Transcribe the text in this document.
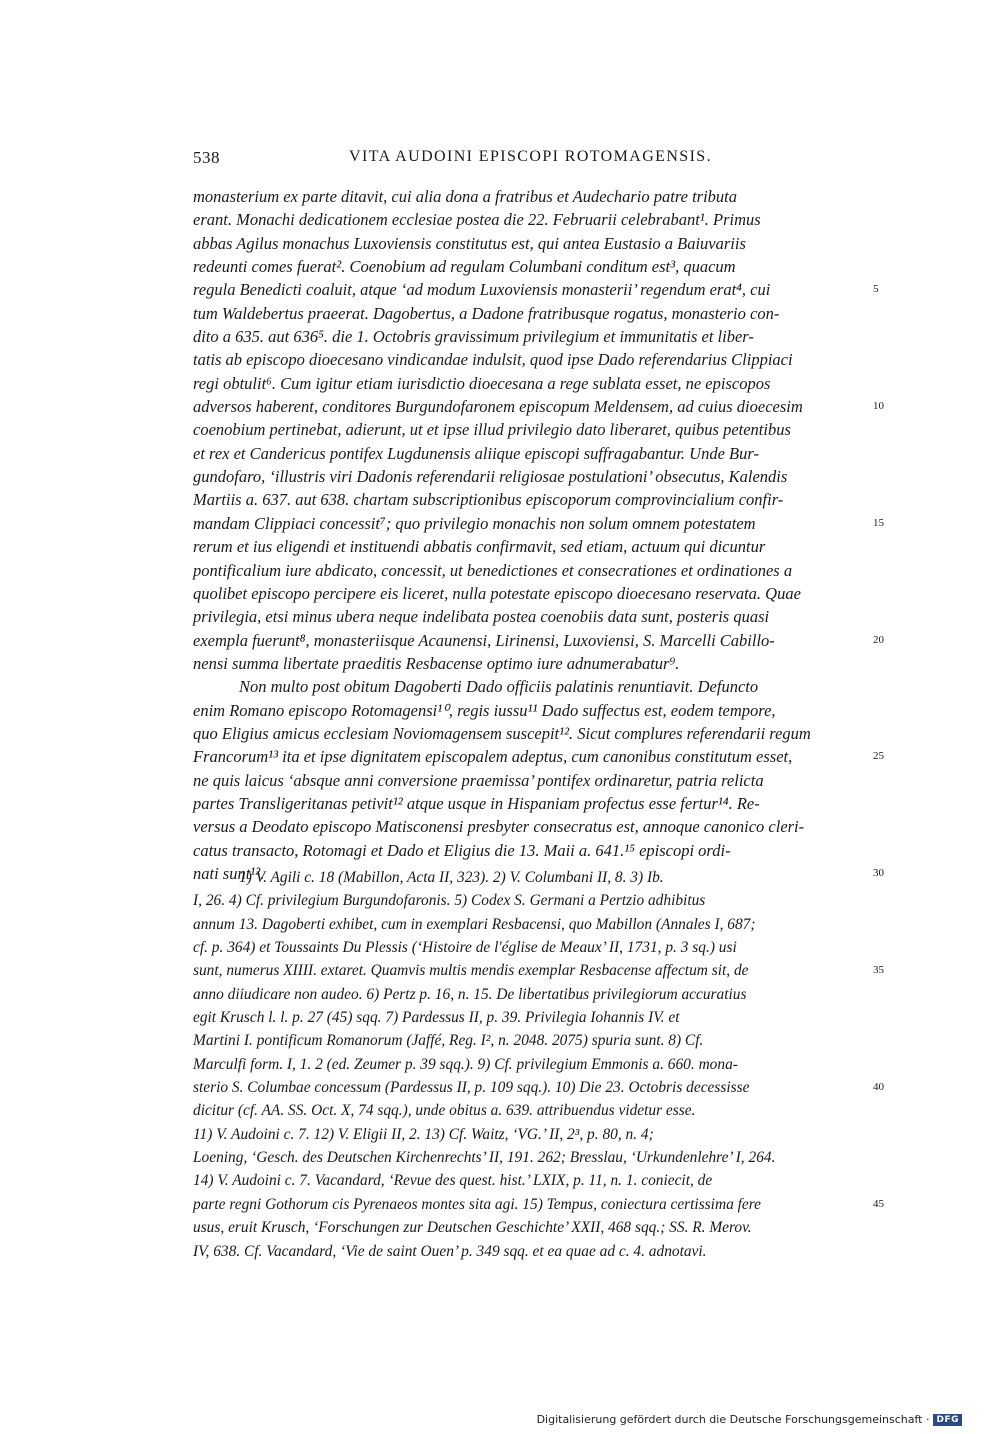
538	VITA AUDOINI EPISCOPI ROTOMAGENSIS.
monasterium ex parte ditavit, cui alia dona a fratribus et Audechario patre tributa
erant. Monachi dedicationem ecclesiae postea die 22. Februarii celebrabant¹. Primus
abbas Agilus monachus Luxoviensis constitutus est, qui antea Eustasio a Baiuvariis
redeunti comes fuerat². Coenobium ad regulam Columbani conditum est³, quacum
regula Benedicti coaluit, atque ‘ad modum Luxoviensis monasterii’ regendum erat⁴, cui	5
tum Waldebertus praeerat. Dagobertus, a Dadone fratribusque rogatus, monasterio con-
dito a 635. aut 636⁵. die 1. Octobris gravissimum privilegium et immunitatis et liber-
tatis ab episcopo dioecesano vindicandae indulsit, quod ipse Dado referendarius Clippiaci
regi obtulit⁶. Cum igitur etiam iurisdictio dioecesana a rege sublata esset, ne episcopos
adversos haberent, conditores Burgundofaronem episcopum Meldensem, ad cuius dioecesim	10
coenobium pertinebat, adierunt, ut et ipse illud privilegio dato liberaret, quibus petentibus
et rex et Candericus pontifex Lugdunensis aliique episcopi suffragabantur. Unde Bur-
gundofaro, ‘illustris viri Dadonis referendarii religiosae postulationi’ obsecutus, Kalendis
Martiis a. 637. aut 638. chartam subscriptionibus episcoporum comprovincialium confir-
mandam Clippiaci concessit⁷; quo privilegio monachis non solum omnem potestatem	15
rerum et ius eligendi et instituendi abbatis confirmavit, sed etiam, actuum qui dicuntur
pontificalium iure abdicato, concessit, ut benedictiones et consecrationes et ordinationes a
quolibet episcopo percipere eis liceret, nulla potestate episcopo dioecesano reservata. Quae
privilegia, etsi minus ubera neque indelibata postea coenobiis data sunt, posteris quasi
exempla fuerunt⁸, monasteriisque Acaunensi, Lirinensi, Luxoviensi, S. Marcelli Cabillo-	20
nensi summa libertate praeditis Resbacense optimo iure adnumerabatur⁹.
Non multo post obitum Dagoberti Dado officiis palatinis renuntiavit. Defuncto
enim Romano episcopo Rotomagensi¹⁰, regis iussu¹¹ Dado suffectus est, eodem tempore,
quo Eligius amicus ecclesiam Noviomagensem suscepit¹². Sicut complures referendarii regum
Francorum¹³ ita et ipse dignitatem episcopalem adeptus, cum canonibus constitutum esset,	25
ne quis laicus ‘absque anni conversione praemissa’ pontifex ordinaretur, patria relicta
partes Transligeritanas petivit¹² atque usque in Hispaniam profectus esse fertur¹⁴. Re-
versus a Deodato episcopo Matisconensi presbyter consecratus est, annoque canonico cleri-
catus transacto, Rotomagi et Dado et Eligius die 13. Maii a. 641.¹⁵ episcopi ordi-
nati sunt¹².	30
1) V. Agili c. 18 (Mabillon, Acta II, 323). 2) V. Columbani II, 8. 3) Ib.
I, 26. 4) Cf. privilegium Burgundofaronis. 5) Codex S. Germani a Pertzio adhibitus
annum 13. Dagoberti exhibet, cum in exemplari Resbacensi, quo Mabillon (Annales I, 687;
cf. p. 364) et Toussaints Du Plessis (‘Histoire de l'église de Meaux’ II, 1731, p. 3 sq.) usi
sunt, numerus XIIII. extaret. Quamvis multis mendis exemplar Resbacense affectum sit, de	35
anno diiudicare non audeo. 6) Pertz p. 16, n. 15. De libertatibus privilegiorum accuratius
egit Krusch l. l. p. 27 (45) sqq. 7) Pardessus II, p. 39. Privilegia Iohannis IV. et
Martini I. pontificum Romanorum (Jaffé, Reg. I², n. 2048. 2075) spuria sunt. 8) Cf.
Marculfi form. I, 1. 2 (ed. Zeumer p. 39 sqq.). 9) Cf. privilegium Emmonis a. 660. mona-
sterio S. Columbae concessum (Pardessus II, p. 109 sqq.). 10) Die 23. Octobris decessisse	40
dicitur (cf. AA. SS. Oct. X, 74 sqq.), unde obitus a. 639. attribuendus videtur esse.
11) V. Audoini c. 7. 12) V. Eligii II, 2. 13) Cf. Waitz, ‘VG.’ II, 2³, p. 80, n. 4;
Loening, ‘Gesch. des Deutschen Kirchenrechts’ II, 191. 262; Bresslau, ‘Urkundenlehre’ I, 264.
14) V. Audoini c. 7. Vacandard, ‘Revue des quest. hist.’ LXIX, p. 11, n. 1. coniecit, de
parte regni Gothorum cis Pyrenaeos montes sita agi. 15) Tempus, coniectura certissima fere	45
usus, eruit Krusch, ‘Forschungen zur Deutschen Geschichte’ XXII, 468 sqq.; SS. R. Merov.
IV, 638. Cf. Vacandard, ‘Vie de saint Ouen’ p. 349 sqq. et ea quae ad c. 4. adnotavi.
Digitalisierung gefördert durch die Deutsche Forschungsgemeinschaft · DFG
